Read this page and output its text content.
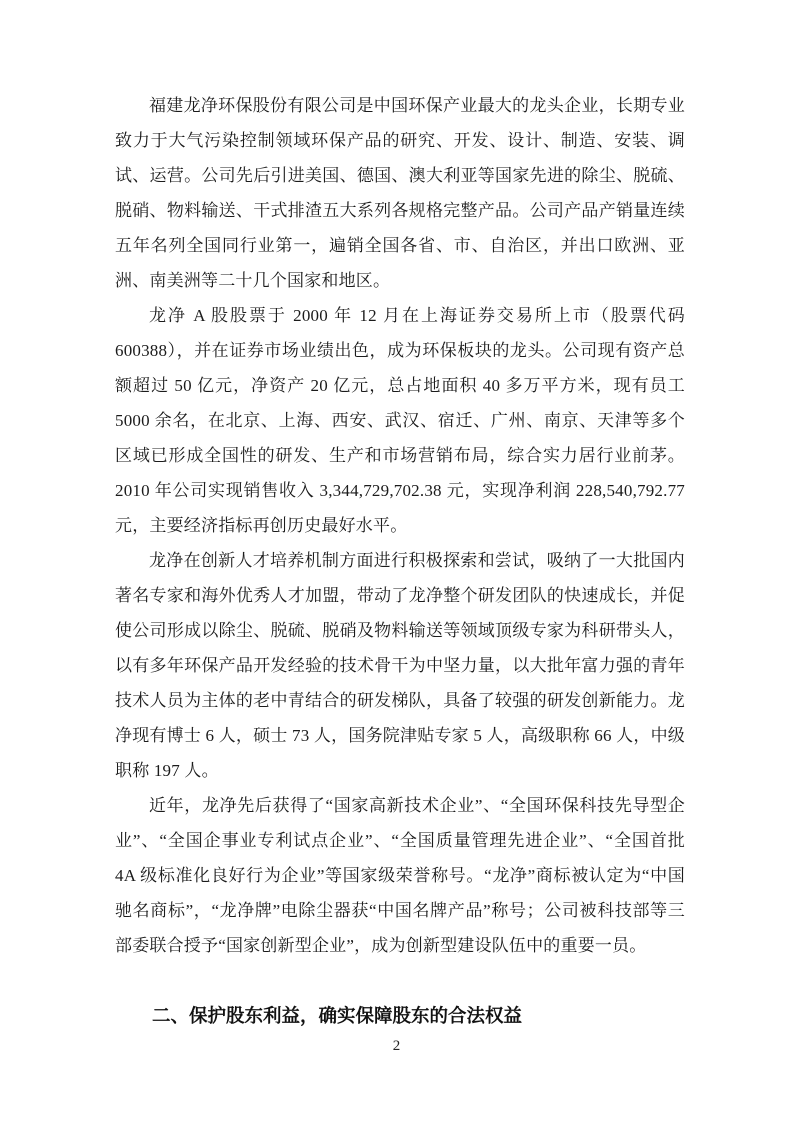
福建龙净环保股份有限公司是中国环保产业最大的龙头企业，长期专业致力于大气污染控制领域环保产品的研究、开发、设计、制造、安装、调试、运营。公司先后引进美国、德国、澳大利亚等国家先进的除尘、脱硫、脱硝、物料输送、干式排渣五大系列各规格完整产品。公司产品产销量连续五年名列全国同行业第一，遍销全国各省、市、自治区，并出口欧洲、亚洲、南美洲等二十几个国家和地区。

龙净 A 股股票于 2000 年 12 月在上海证券交易所上市（股票代码 600388），并在证券市场业绩出色，成为环保板块的龙头。公司现有资产总额超过 50 亿元，净资产 20 亿元，总占地面积 40 多万平方米，现有员工 5000 余名，在北京、上海、西安、武汉、宿迁、广州、南京、天津等多个区域已形成全国性的研发、生产和市场营销布局，综合实力居行业前茅。2010 年公司实现销售收入 3,344,729,702.38 元，实现净利润 228,540,792.77 元，主要经济指标再创历史最好水平。

龙净在创新人才培养机制方面进行积极探索和尝试，吸纳了一大批国内著名专家和海外优秀人才加盟，带动了龙净整个研发团队的快速成长，并促使公司形成以除尘、脱硫、脱硝及物料输送等领域顶级专家为科研带头人，以有多年环保产品开发经验的技术骨干为中坚力量，以大批年富力强的青年技术人员为主体的老中青结合的研发梯队，具备了较强的研发创新能力。龙净现有博士 6 人，硕士 73 人，国务院津贴专家 5 人，高级职称 66 人，中级职称 197 人。

近年，龙净先后获得了“国家高新技术企业”、“全国环保科技先导型企业”、“全国企事业专利试点企业”、“全国质量管理先进企业”、“全国首批 4A 级标准化良好行为企业”等国家级荣誉称号。“龙净”商标被认定为“中国驰名商标”，“龙净牌”电除尘器获“中国名牌产品”称号；公司被科技部等三部委联合授予“国家创新型企业”，成为创新型建设队伍中的重要一员。

二、保护股东利益，确实保障股东的合法权益
2
